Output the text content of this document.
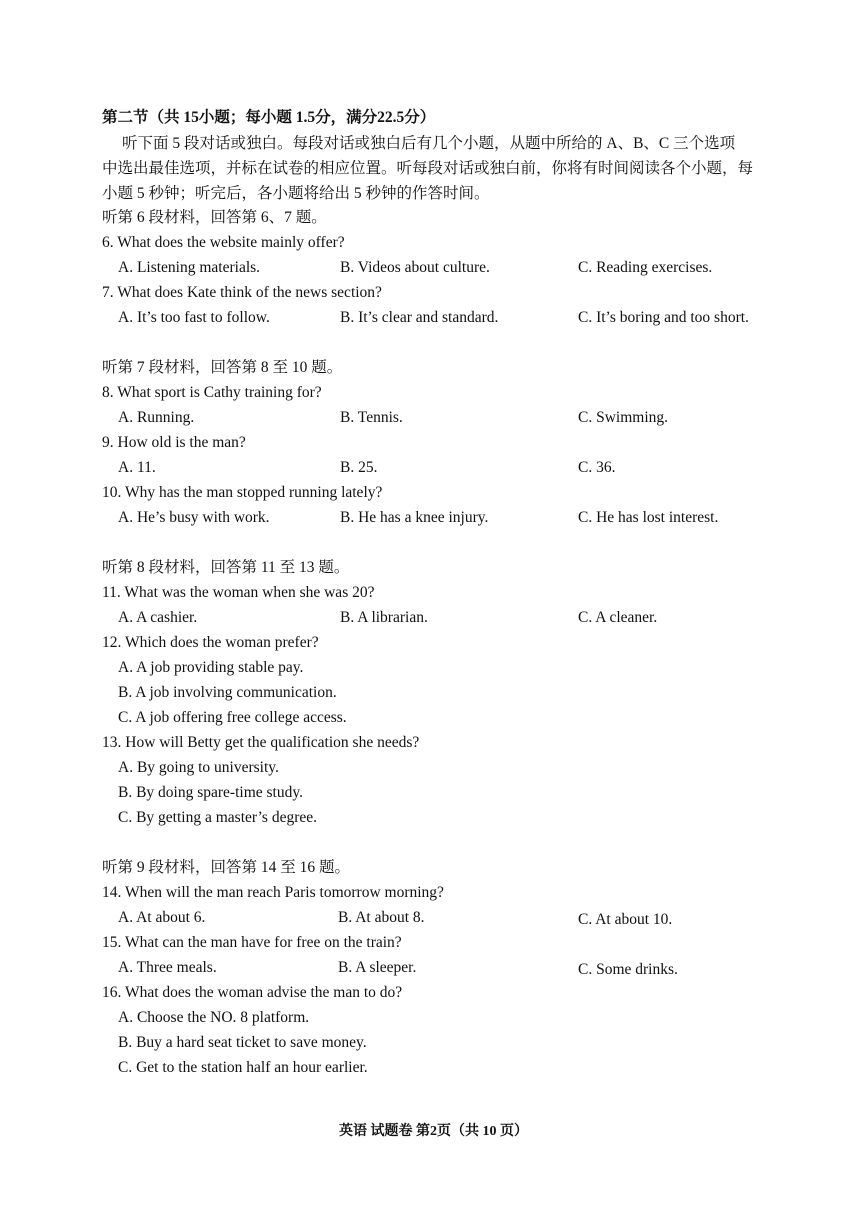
第二节（共 15小题；每小题 1.5分，满分22.5分）
听下面 5 段对话或独白。每段对话或独白后有几个小题，从题中所给的 A、B、C 三个选项
中选出最佳选项，并标在试卷的相应位置。听每段对话或独白前，你将有时间阅读各个小题，每
小题 5 秒钟；听完后，各小题将给出 5 秒钟的作答时间。
听第 6 段材料，回答第 6、7 题。
6. What does the website mainly offer?
A. Listening materials.	B. Videos about culture.	C. Reading exercises.
7. What does Kate think of the news section?
A. It’s too fast to follow.	B. It’s clear and standard.	C. It’s boring and too short.
听第 7 段材料，回答第 8 至 10 题。
8. What sport is Cathy training for?
A. Running.	B. Tennis.	C. Swimming.
9. How old is the man?
A. 11.	B. 25.	C. 36.
10. Why has the man stopped running lately?
A. He’s busy with work.	B. He has a knee injury.	C. He has lost interest.
听第 8 段材料，回答第 11 至 13 题。
11. What was the woman when she was 20?
A. A cashier.	B. A librarian.	C. A cleaner.
12. Which does the woman prefer?
A. A job providing stable pay.
B. A job involving communication.
C. A job offering free college access.
13. How will Betty get the qualification she needs?
A. By going to university.
B. By doing spare-time study.
C. By getting a master’s degree.
听第 9 段材料，回答第 14 至 16 题。
14. When will the man reach Paris tomorrow morning?
A. At about 6.	B. At about 8.	C. At about 10.
15. What can the man have for free on the train?
A. Three meals.	B. A sleeper.	C. Some drinks.
16. What does the woman advise the man to do?
A. Choose the NO. 8 platform.
B. Buy a hard seat ticket to save money.
C. Get to the station half an hour earlier.
英语 试题卷 第2页（共 10 页）
